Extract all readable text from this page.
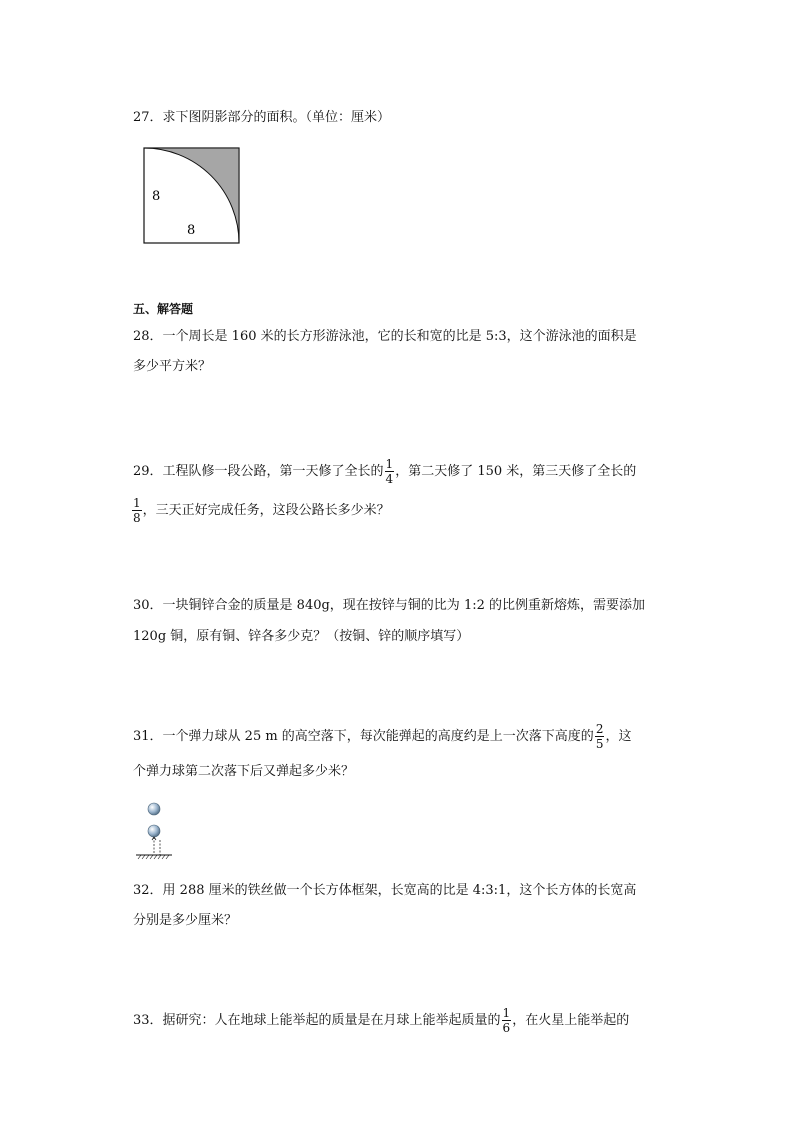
27．求下图阴影部分的面积。（单位：厘米）
8
8
五、解答题
28．一个周长是 160 米的长方形游泳池，它的长和宽的比是 5:3，这个游泳池的面积是
多少平方米？
29．工程队修一段公路，第一天修了全长的 $\frac{1}{4}$ ，第二天修了 150 米，第三天修了全长的
$\frac{1}{8}$ ，三天正好完成任务，这段公路长多少米？
30．一块铜锌合金的质量是 840g，现在按锌与铜的比为 1:2 的比例重新熔炼，需要添加
120g 铜，原有铜、锌各多少克？（按铜、锌的顺序填写）
31．一个弹力球从 25 m 的高空落下，每次能弹起的高度约是上一次落下高度的 $\frac{2}{5}$ ，这
个弹力球第二次落下后又弹起多少米？
32．用 288 厘米的铁丝做一个长方体框架，长宽高的比是 4:3:1，这个长方体的长宽高
分别是多少厘米？
33．据研究：人在地球上能举起的质量是在月球上能举起质量的 $\frac{1}{6}$ ，在火星上能举起的
